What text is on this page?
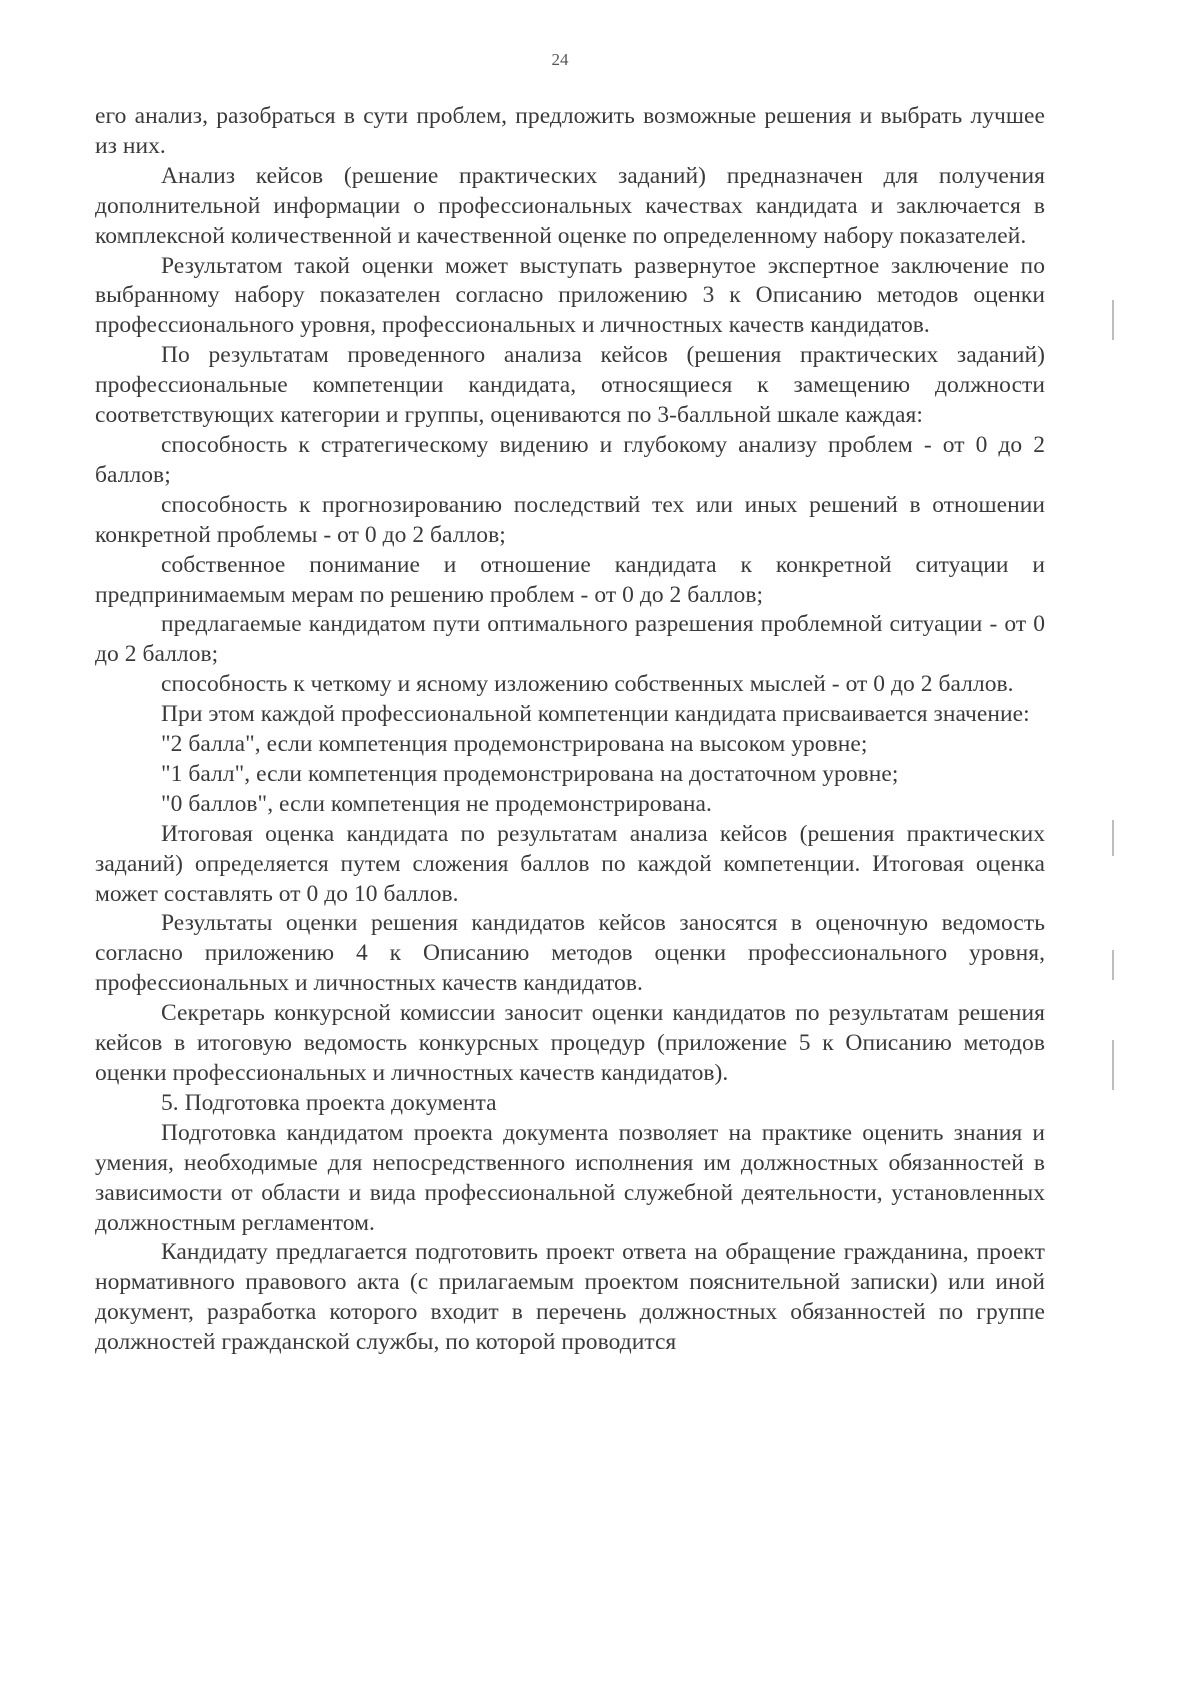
24

его анализ, разобраться в сути проблем, предложить возможные решения и выбрать лучшее из них.

Анализ кейсов (решение практических заданий) предназначен для получения дополнительной информации о профессиональных качествах кандидата и заключается в комплексной количественной и качественной оценке по определенному набору показателей.

Результатом такой оценки может выступать развернутое экспертное заключение по выбранному набору показателен согласно приложению 3 к Описанию методов оценки профессионального уровня, профессиональных и личностных качеств кандидатов.

По результатам проведенного анализа кейсов (решения практических заданий) профессиональные компетенции кандидата, относящиеся к замещению должности соответствующих категории и группы, оцениваются по 3-балльной шкале каждая:

способность к стратегическому видению и глубокому анализу проблем - от 0 до 2 баллов;

способность к прогнозированию последствий тех или иных решений в отношении конкретной проблемы - от 0 до 2 баллов;

собственное понимание и отношение кандидата к конкретной ситуации и предпринимаемым мерам по решению проблем - от 0 до 2 баллов;

предлагаемые кандидатом пути оптимального разрешения проблемной ситуации - от 0 до 2 баллов;

способность к четкому и ясному изложению собственных мыслей - от 0 до 2 баллов.

При этом каждой профессиональной компетенции кандидата присваивается значение:

"2 балла", если компетенция продемонстрирована на высоком уровне;

"1 балл", если компетенция продемонстрирована на достаточном уровне;

"0 баллов", если компетенция не продемонстрирована.

Итоговая оценка кандидата по результатам анализа кейсов (решения практических заданий) определяется путем сложения баллов по каждой компетенции. Итоговая оценка может составлять от 0 до 10 баллов.

Результаты оценки решения кандидатов кейсов заносятся в оценочную ведомость согласно приложению 4 к Описанию методов оценки профессионального уровня, профессиональных и личностных качеств кандидатов.

Секретарь конкурсной комиссии заносит оценки кандидатов по результатам решения кейсов в итоговую ведомость конкурсных процедур (приложение 5 к Описанию методов оценки профессиональных и личностных качеств кандидатов).

5. Подготовка проекта документа

Подготовка кандидатом проекта документа позволяет на практике оценить знания и умения, необходимые для непосредственного исполнения им должностных обязанностей в зависимости от области и вида профессиональной служебной деятельности, установленных должностным регламентом.

Кандидату предлагается подготовить проект ответа на обращение гражданина, проект нормативного правового акта (с прилагаемым проектом пояснительной записки) или иной документ, разработка которого входит в перечень должностных обязанностей по группе должностей гражданской службы, по которой проводится
